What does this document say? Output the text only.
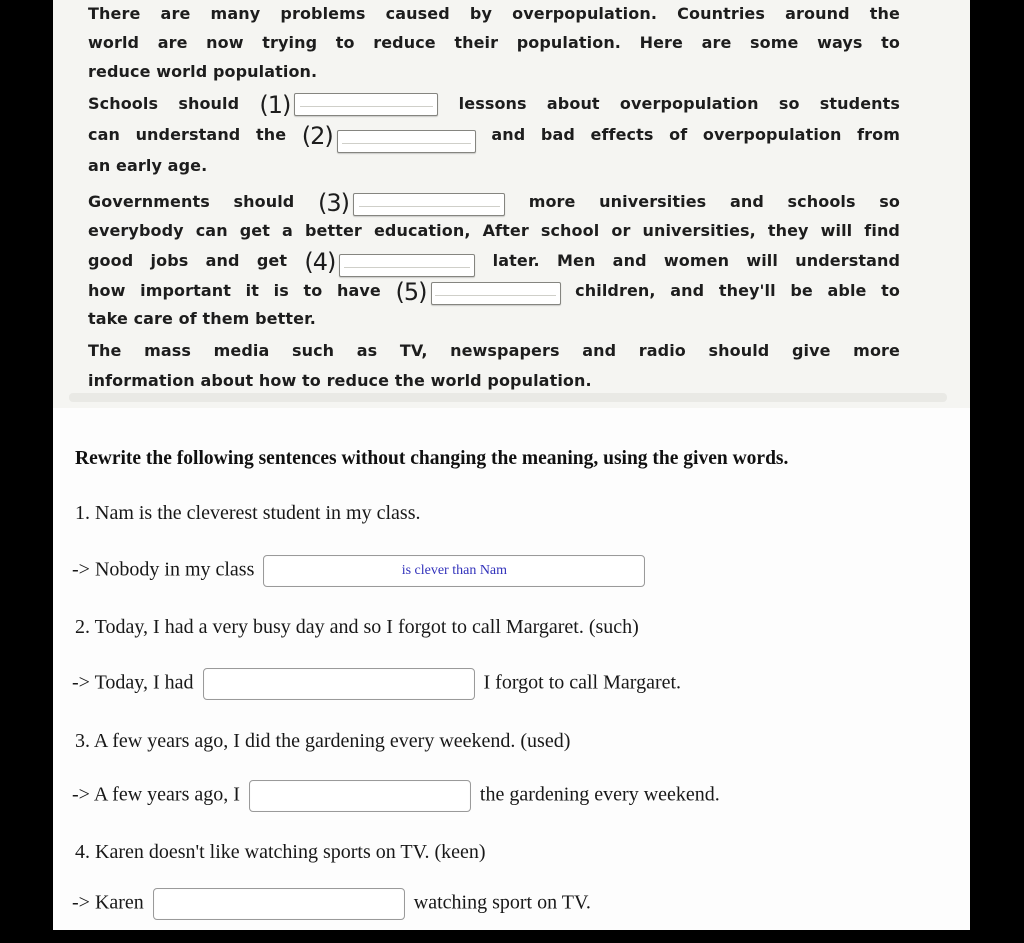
There are many problems caused by overpopulation. Countries around the
world are now trying to reduce their population. Here are some ways to
reduce world population.
Schools should (1)	lessons about overpopulation so students
can understand the (2)	and bad effects of overpopulation from
an early age.
Governments should (3)	more universities and schools so
everybody can get a better education, After school or universities, they will find
good jobs and get (4)	later. Men and women will understand
how important it is to have (5)	children, and they'll be able to
take care of them better.
The mass media such as TV, newspapers and radio should give more
information about how to reduce the world population.
Rewrite the following sentences without changing the meaning, using the given words.
1. Nam is the cleverest student in my class.
-> Nobody in my classis clever than Nam
2. Today, I had a very busy day and so I forgot to call Margaret. (such)
-> Today, I had	I forgot to call Margaret.
3. A few years ago, I did the gardening every weekend. (used)
-> A few years ago, I	the gardening every weekend.
4. Karen doesn't like watching sports on TV. (keen)
-> Karen	watching sport on TV.
